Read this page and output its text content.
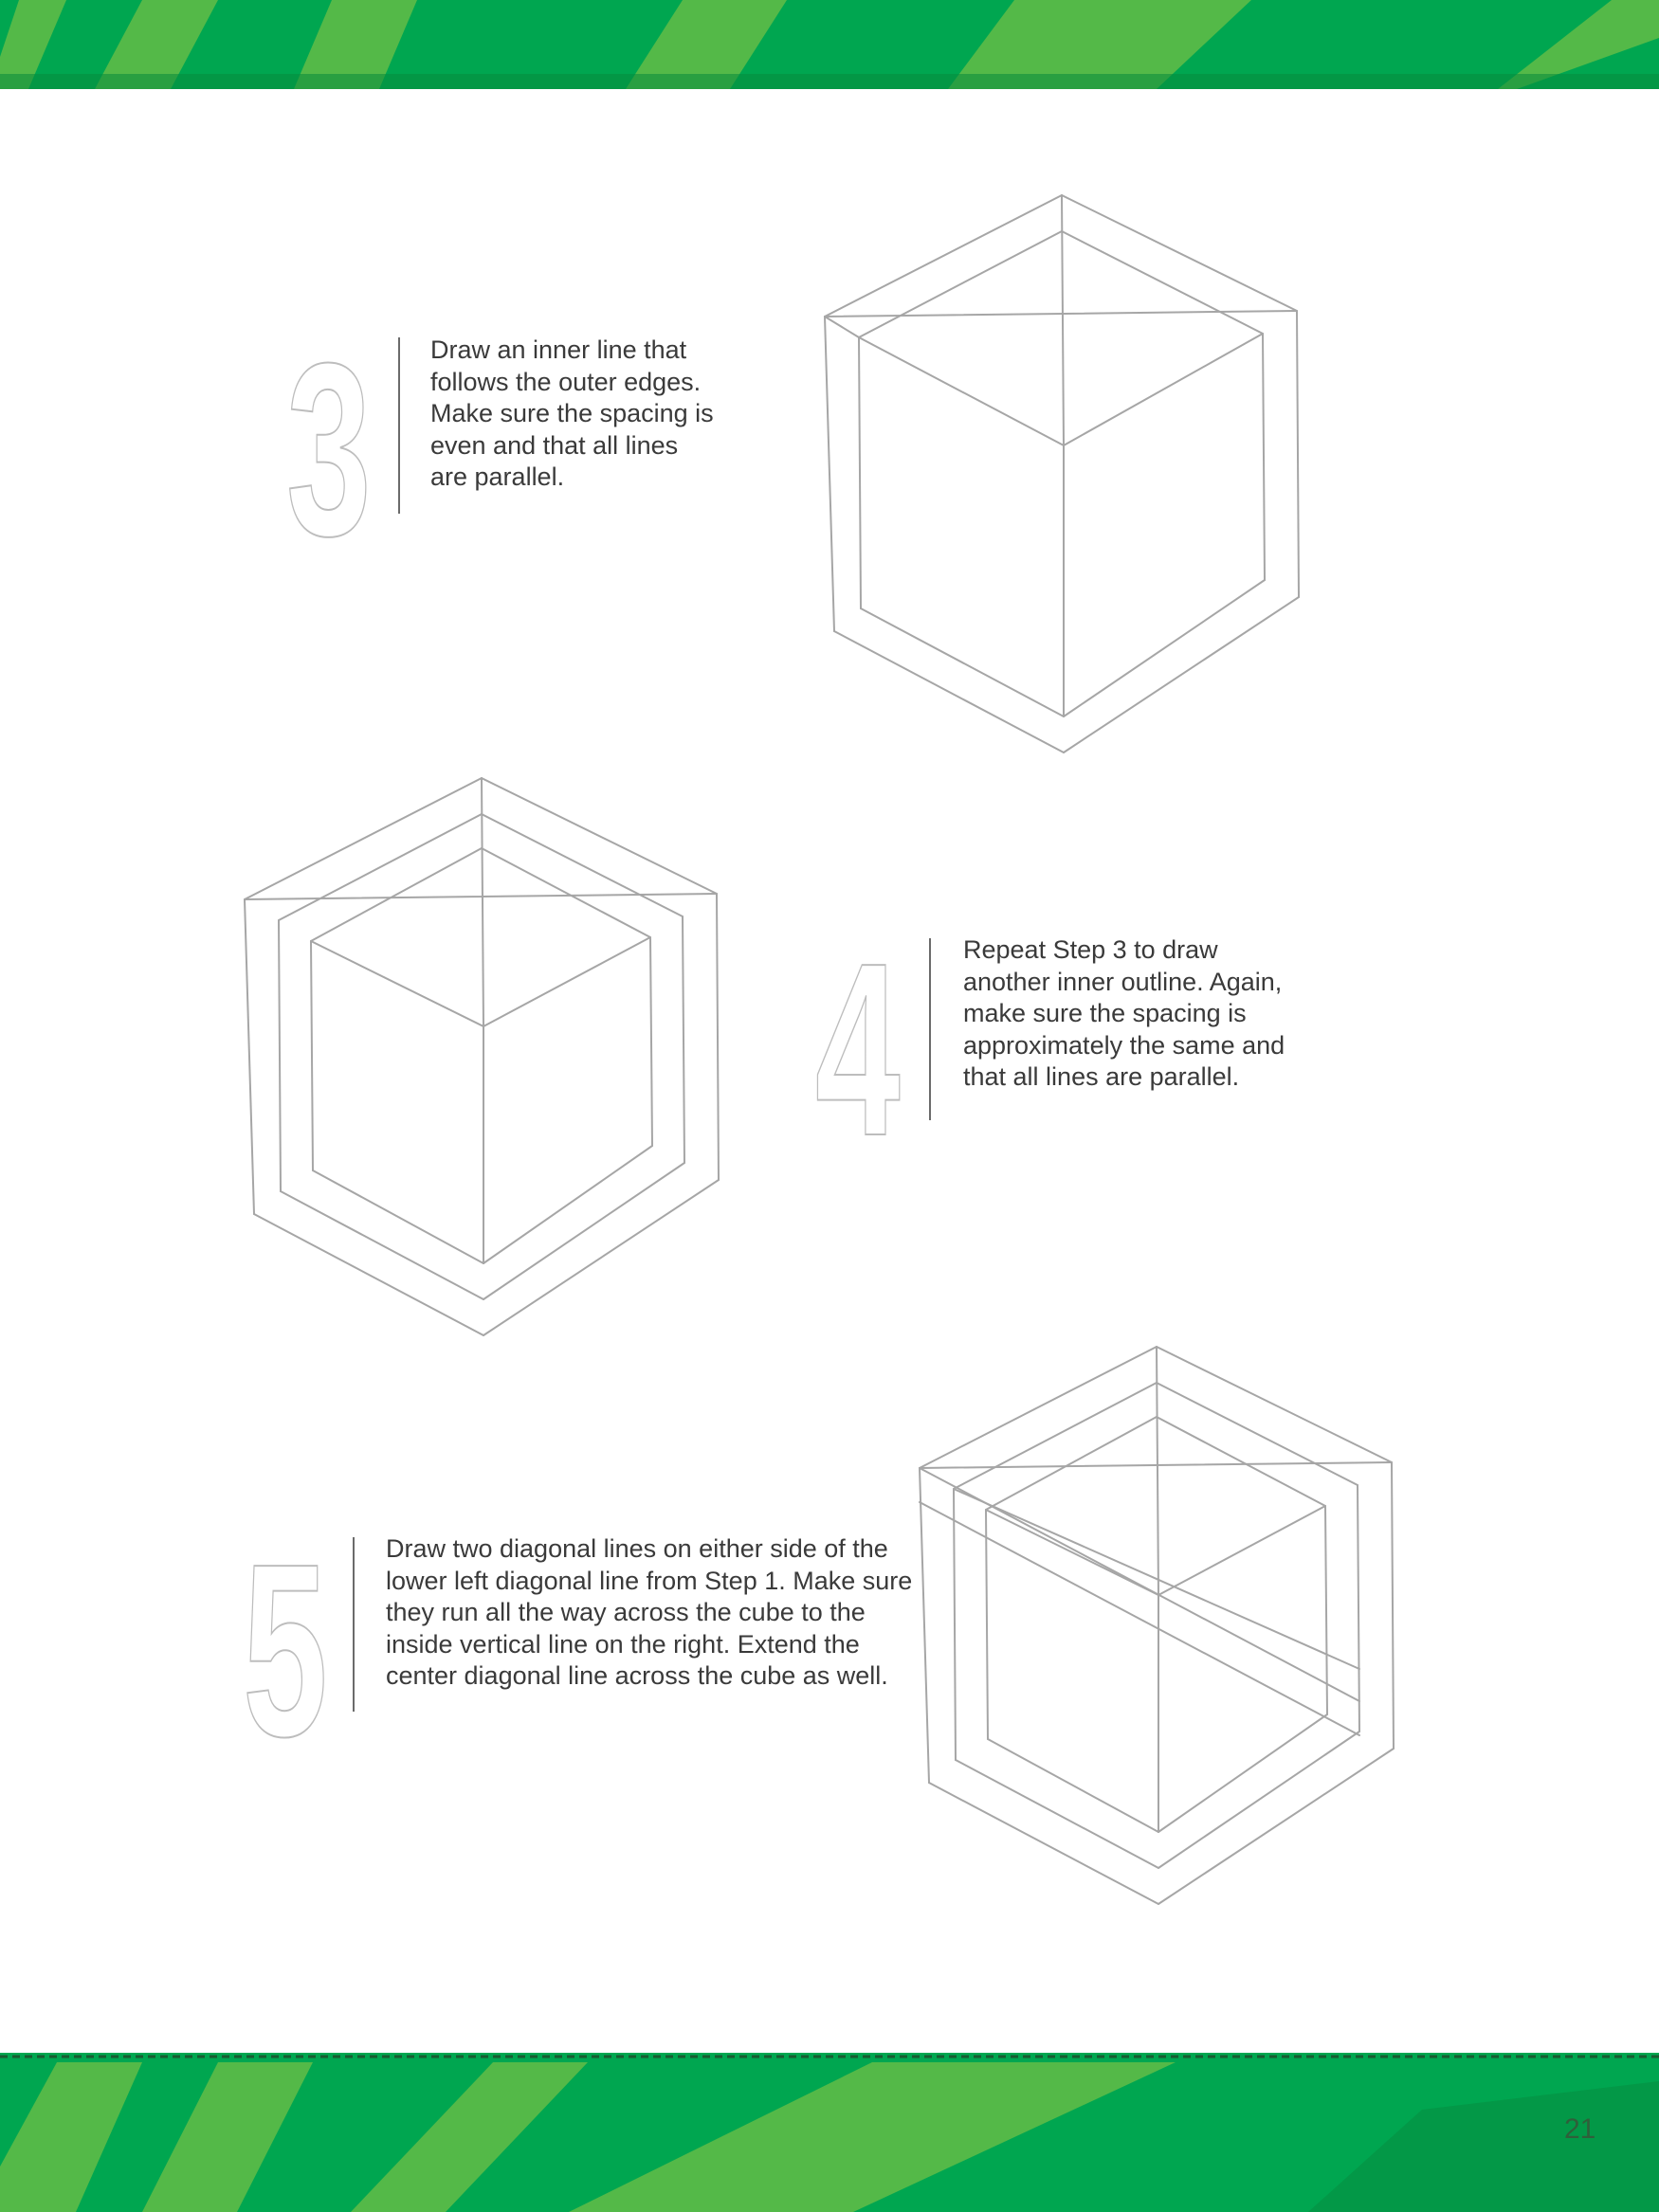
3 Draw an inner line that follows the outer edges. Make sure the spacing is even and that all lines are parallel.

4 Repeat Step 3 to draw another inner outline. Again, make sure the spacing is approximately the same and that all lines are parallel.

5 Draw two diagonal lines on either side of the lower left diagonal line from Step 1. Make sure they run all the way across the cube to the inside vertical line on the right. Extend the center diagonal line across the cube as well.

21
